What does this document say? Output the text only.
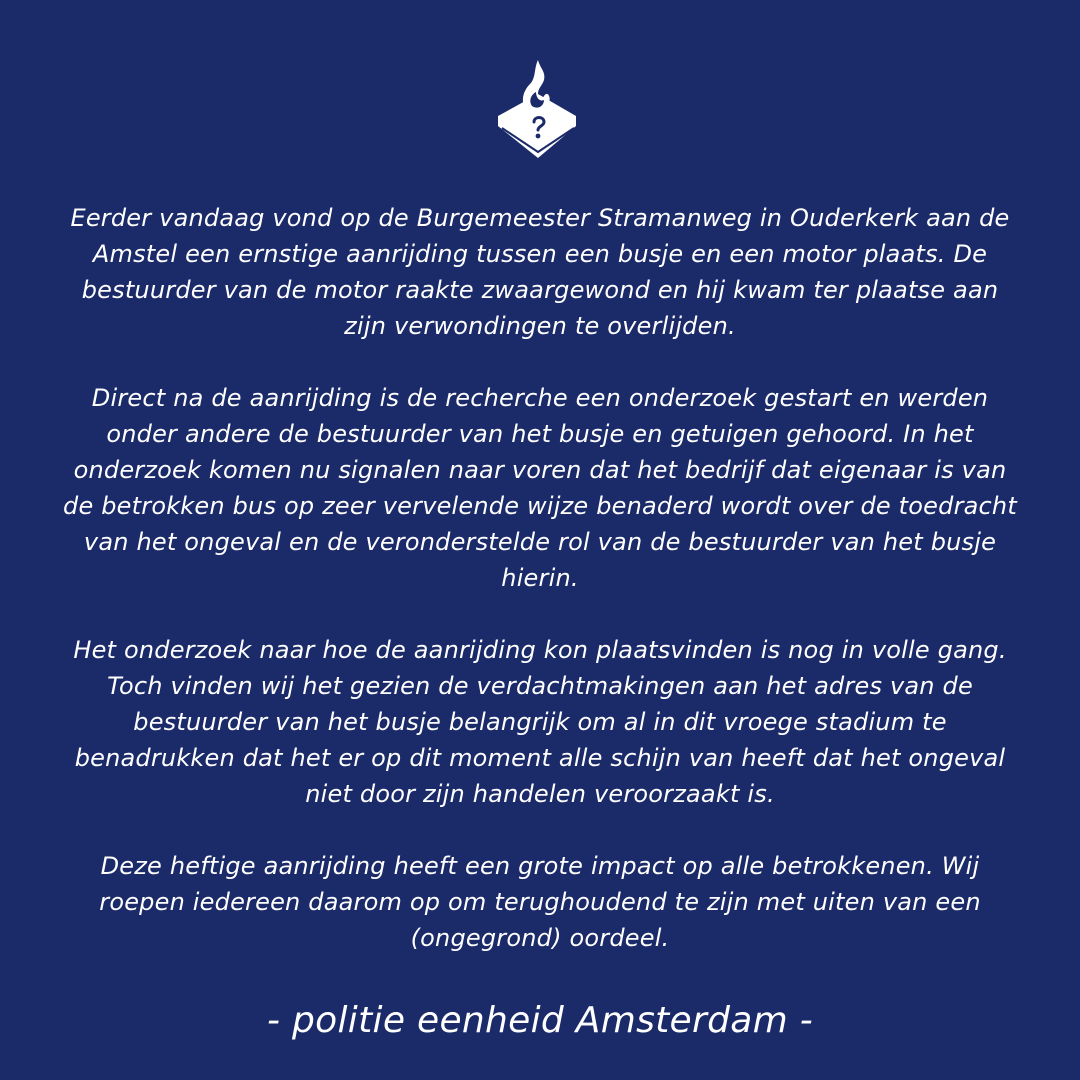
Eerder vandaag vond op de Burgemeester Stramanweg in Ouderkerk aan de Amstel een ernstige aanrijding tussen een busje en een motor plaats. De bestuurder van de motor raakte zwaargewond en hij kwam ter plaatse aan zijn verwondingen te overlijden.

Direct na de aanrijding is de recherche een onderzoek gestart en werden onder andere de bestuurder van het busje en getuigen gehoord. In het onderzoek komen nu signalen naar voren dat het bedrijf dat eigenaar is van de betrokken bus op zeer vervelende wijze benaderd wordt over de toedracht van het ongeval en de veronderstelde rol van de bestuurder van het busje hierin.

Het onderzoek naar hoe de aanrijding kon plaatsvinden is nog in volle gang. Toch vinden wij het gezien de verdachtmakingen aan het adres van de bestuurder van het busje belangrijk om al in dit vroege stadium te benadrukken dat het er op dit moment alle schijn van heeft dat het ongeval niet door zijn handelen veroorzaakt is.

Deze heftige aanrijding heeft een grote impact op alle betrokkenen. Wij roepen iedereen daarom op om terughoudend te zijn met uiten van een (ongegrond) oordeel.

- politie eenheid Amsterdam -
